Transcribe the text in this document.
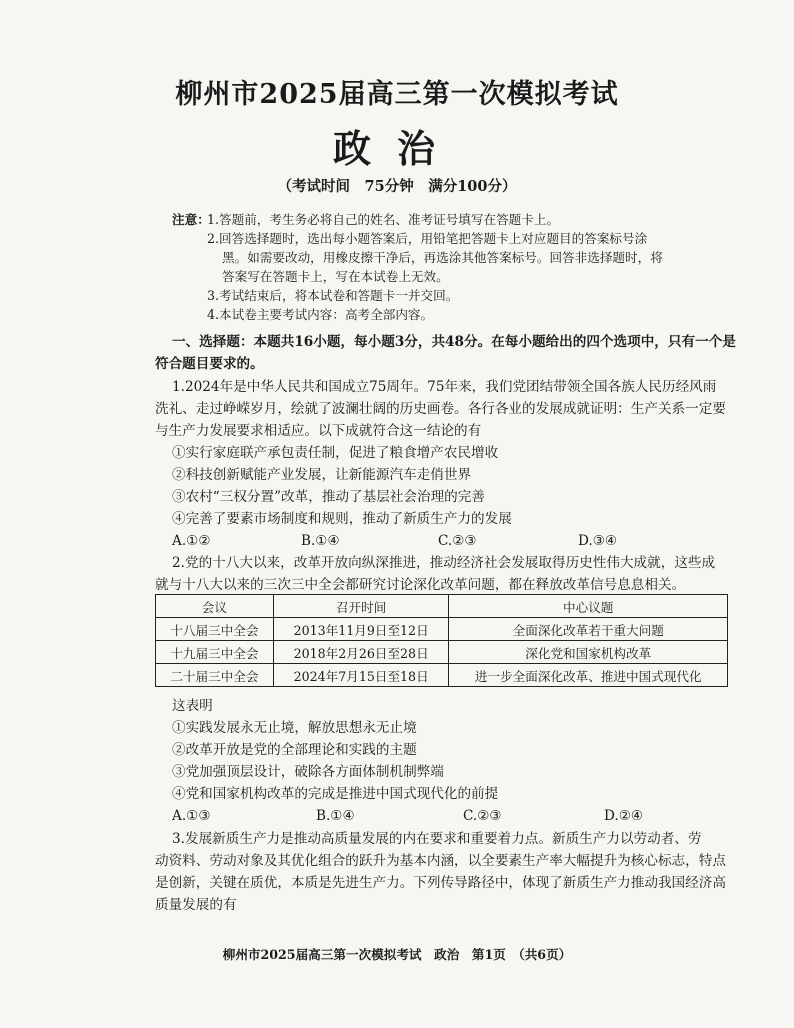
柳州市2025届高三第一次模拟考试
政治
（考试时间　75分钟　满分100分）
注意：
1.答题前，考生务必将自己的姓名、准考证号填写在答题卡上。
2.回答选择题时，选出每小题答案后，用铅笔把答题卡上对应题目的答案标号涂
黑。如需要改动，用橡皮擦干净后，再选涂其他答案标号。回答非选择题时，将
答案写在答题卡上，写在本试卷上无效。
3.考试结束后，将本试卷和答题卡一并交回。
4.本试卷主要考试内容：高考全部内容。
一、选择题：本题共16小题，每小题3分，共48分。在每小题给出的四个选项中，只有一个是
符合题目要求的。
1.2024年是中华人民共和国成立75周年。75年来，我们党团结带领全国各族人民历经风雨
洗礼、走过峥嵘岁月，绘就了波澜壮阔的历史画卷。各行各业的发展成就证明：生产关系一定要
与生产力发展要求相适应。以下成就符合这一结论的有
①实行家庭联产承包责任制，促进了粮食增产农民增收
②科技创新赋能产业发展，让新能源汽车走俏世界
③农村“三权分置”改革，推动了基层社会治理的完善
④完善了要素市场制度和规则，推动了新质生产力的发展
A.①②	B.①④	C.②③	D.③④
2.党的十八大以来，改革开放向纵深推进，推动经济社会发展取得历史性伟大成就，这些成
就与十八大以来的三次三中全会都研究讨论深化改革问题，都在释放改革信号息息相关。
会议	召开时间	中心议题
十八届三中全会	2013年11月9日至12日	全面深化改革若干重大问题
十九届三中全会	2018年2月26日至28日	深化党和国家机构改革
二十届三中全会	2024年7月15日至18日	进一步全面深化改革、推进中国式现代化
这表明
①实践发展永无止境，解放思想永无止境
②改革开放是党的全部理论和实践的主题
③党加强顶层设计，破除各方面体制机制弊端
④党和国家机构改革的完成是推进中国式现代化的前提
A.①③	B.①④	C.②③	D.②④
3.发展新质生产力是推动高质量发展的内在要求和重要着力点。新质生产力以劳动者、劳
动资料、劳动对象及其优化组合的跃升为基本内涵，以全要素生产率大幅提升为核心标志，特点
是创新，关键在质优，本质是先进生产力。下列传导路径中，体现了新质生产力推动我国经济高
质量发展的有
柳州市2025届高三第一次模拟考试　政治　第1页　（共6页）
